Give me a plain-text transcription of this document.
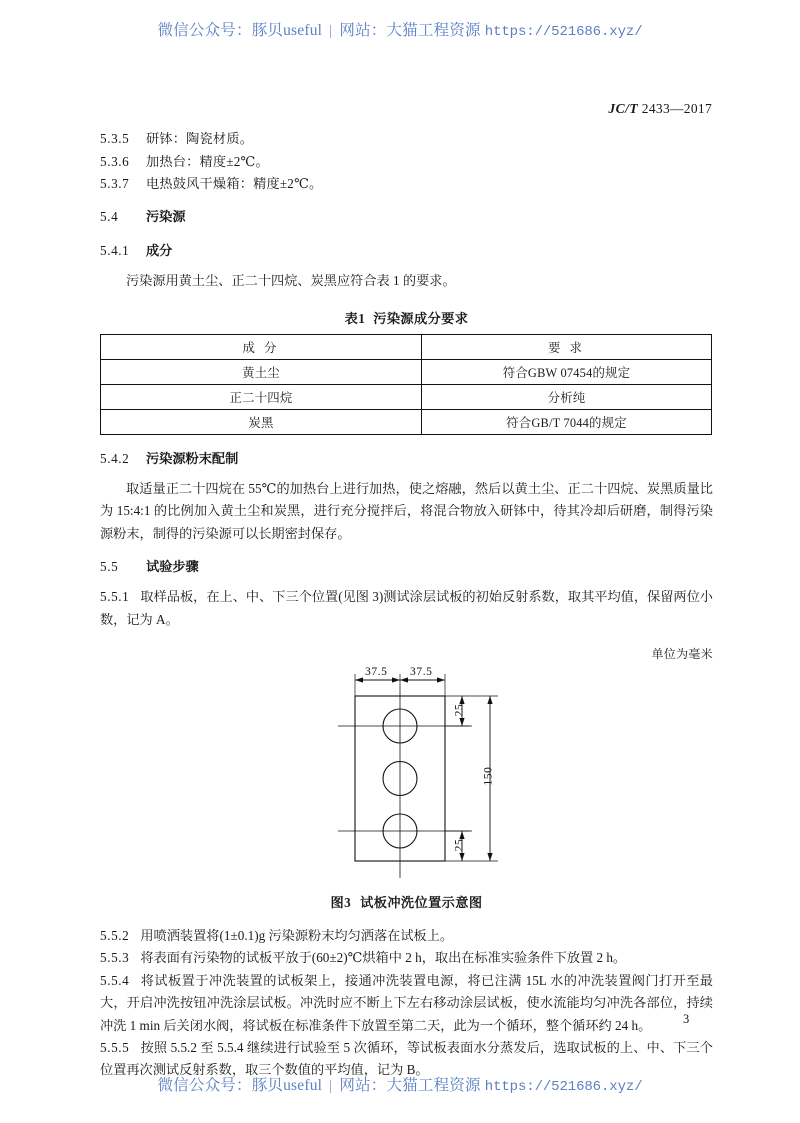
微信公众号：豚贝useful | 网站：大猫工程资源 https://521686.xyz/
JC/T 2433—2017

5.3.5 研钵：陶瓷材质。

5.3.6 加热台：精度±2℃。

5.3.7 电热鼓风干燥箱：精度±2℃。

5.4 污染源
5.4.1 成分

污染源用黄土尘、正二十四烷、炭黑应符合表 1 的要求。

表1 污染源成分要求
成 分	要 求
黄土尘	符合GBW 07454的规定
正二十四烷	分析纯
炭黑	符合GB/T 7044的规定
5.4.2 污染源粉末配制

取适量正二十四烷在 55℃的加热台上进行加热，使之熔融，然后以黄土尘、正二十四烷、炭黑质量比为 15:4:1 的比例加入黄土尘和炭黑，进行充分搅拌后，将混合物放入研钵中，待其冷却后研磨，制得污染源粉末，制得的污染源可以长期密封保存。

5.5 试验步骤

5.5.1 取样品板，在上、中、下三个位置(见图 3)测试涂层试板的初始反射系数，取其平均值，保留两位小数，记为 A。

单位为毫米

37.5 37.5
25
150
25
图3 试板冲洗位置示意图

5.5.2 用喷洒装置将(1±0.1)g 污染源粉末均匀洒落在试板上。

5.5.3 将表面有污染物的试板平放于(60±2)℃烘箱中 2 h，取出在标准实验条件下放置 2 h。

5.5.4 将试板置于冲洗装置的试板架上，接通冲洗装置电源，将已注满 15L 水的冲洗装置阀门打开至最大，开启冲洗按钮冲洗涂层试板。冲洗时应不断上下左右移动涂层试板，使水流能均匀冲洗各部位，持续冲洗 1 min 后关闭水阀，将试板在标准条件下放置至第二天，此为一个循环，整个循环约 24 h。

5.5.5 按照 5.5.2 至 5.5.4 继续进行试验至 5 次循环，等试板表面水分蒸发后，选取试板的上、中、下三个位置再次测试反射系数，取三个数值的平均值，记为 B。

3
微信公众号：豚贝useful | 网站：大猫工程资源 https://521686.xyz/
